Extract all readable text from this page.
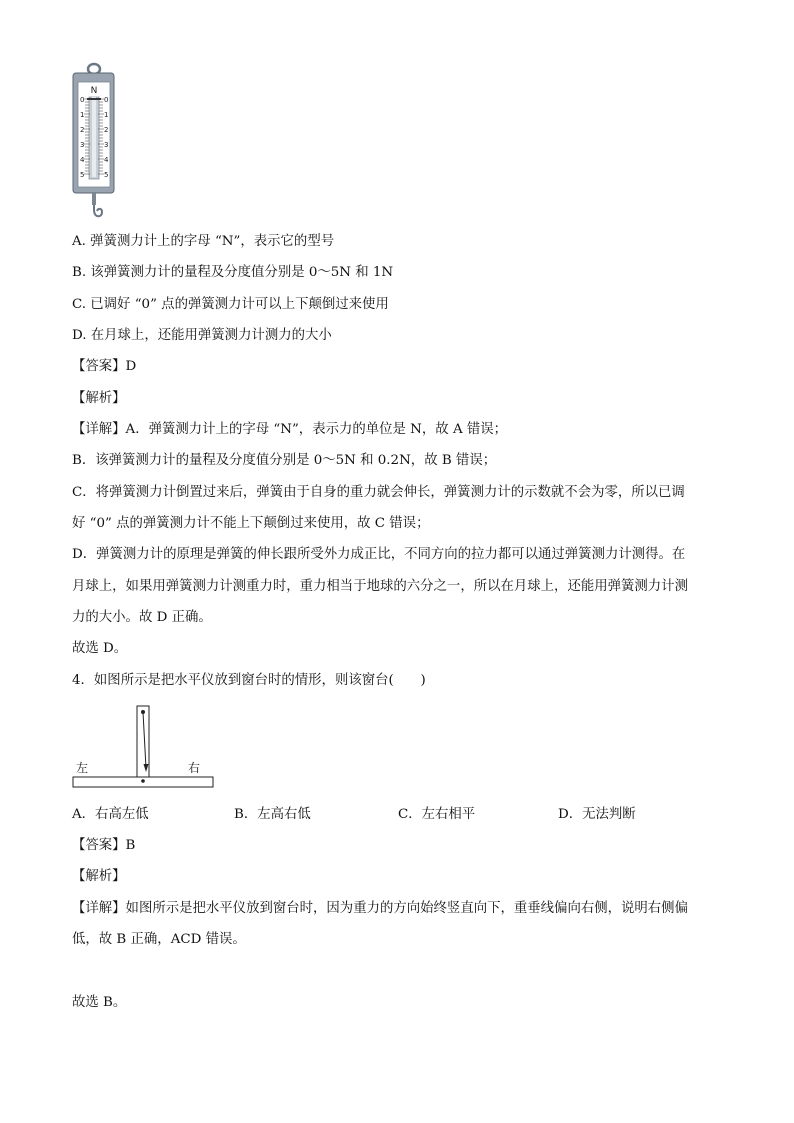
N
0
1
2
3
4
5
0
1
2
3
4
5
A. 弹簧测力计上的字母 “N”，表示它的型号
B. 该弹簧测力计的量程及分度值分别是 0～5N 和 1N
C. 已调好 “0” 点的弹簧测力计可以上下颠倒过来使用
D. 在月球上，还能用弹簧测力计测力的大小
【答案】D
【解析】
【详解】A．弹簧测力计上的字母 “N”，表示力的单位是 N，故 A 错误；
B．该弹簧测力计的量程及分度值分别是 0～5N 和 0.2N，故 B 错误；
C．将弹簧测力计倒置过来后，弹簧由于自身的重力就会伸长，弹簧测力计的示数就不会为零，所以已调
好 “0” 点的弹簧测力计不能上下颠倒过来使用，故 C 错误；
D．弹簧测力计的原理是弹簧的伸长跟所受外力成正比，不同方向的拉力都可以通过弹簧测力计测得。在
月球上，如果用弹簧测力计测重力时，重力相当于地球的六分之一，所以在月球上，还能用弹簧测力计测
力的大小。故 D 正确。
故选 D。
4．如图所示是把水平仪放到窗台时的情形，则该窗台(　　)
左	右
A．右高左低	B．左高右低	C．左右相平	D．无法判断
【答案】B
【解析】
【详解】如图所示是把水平仪放到窗台时，因为重力的方向始终竖直向下，重垂线偏向右侧，说明右侧偏
低，故 B 正确，ACD 错误。
故选 B。
